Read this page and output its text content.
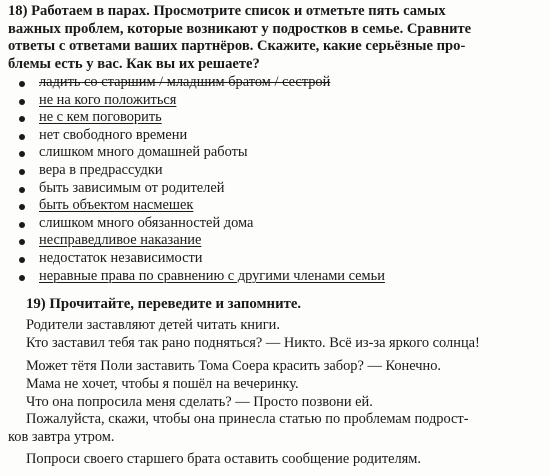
18) Работаем в парах. Просмотрите список и отметьте пять самых
важных проблем, которые возникают у подростков в семье. Сравните
ответы с ответами ваших партнёров. Скажите, какие серьёзные про-
блемы есть у вас. Как вы их решаете?
ладить со старшим / младшим братом / сестрой
не на кого положиться
не с кем поговорить
нет свободного времени
слишком много домашней работы
вера в предрассудки
быть зависимым от родителей
быть объектом насмешек
слишком много обязанностей дома
несправедливое наказание
недостаток независимости
неравные права по сравнению с другими членами семьи
19) Прочитайте, переведите и запомните.
Родители заставляют детей читать книги.
Кто заставил тебя так рано подняться? — Никто. Всё из-за яркого солнца!
Может тётя Поли заставить Тома Соера красить забор? — Конечно.
Мама не хочет, чтобы я пошёл на вечеринку.
Что она попросила меня сделать? — Просто позвони ей.
Пожалуйста, скажи, чтобы она принесла статью по проблемам подрост-
ков завтра утром.
Попроси своего старшего брата оставить сообщение родителям.
